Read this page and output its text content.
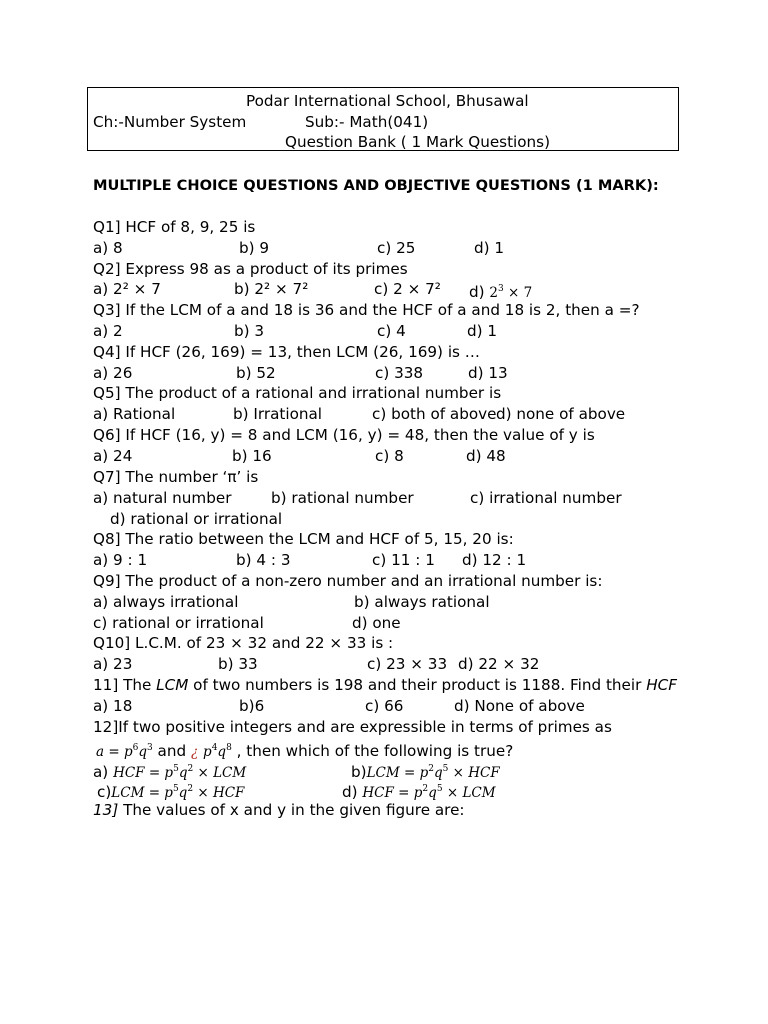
Podar International School, Bhusawal
Ch:-Number System	Sub:- Math(041)
Question Bank ( 1 Mark Questions)
MULTIPLE CHOICE QUESTIONS AND OBJECTIVE QUESTIONS (1 MARK):
Q1] HCF of 8, 9, 25 is
a) 8	b) 9	c) 25	d) 1
Q2] Express 98 as a product of its primes
a) 2² × 7	b) 2² × 7²	c) 2 × 7² d) $2^3 \times 7$
Q3] If the LCM of a and 18 is 36 and the HCF of a and 18 is 2, then a =?
a) 2	b) 3	c) 4	d) 1
Q4] If HCF (26, 169) = 13, then LCM (26, 169) is …
a) 26	b) 52	c) 338	d) 13
Q5] The product of a rational and irrational number is
a) Rational	b) Irrational	c) both of above d) none of above
Q6] If HCF (16, y) = 8 and LCM (16, y) = 48, then the value of y is
a) 24	b) 16	c) 8	d) 48
Q7] The number ‘π’ is
a) natural number	b) rational number	c) irrational number
d) rational or irrational
Q8] The ratio between the LCM and HCF of 5, 15, 20 is:
a) 9 : 1	b) 4 : 3	c) 11 : 1 d) 12 : 1
Q9] The product of a non-zero number and an irrational number is:
a) always irrational	b) always rational
c) rational or irrational	d) one
Q10] L.C.M. of 23 × 32 and 22 × 33 is :
a) 23	b) 33	c) 23 × 33 d) 22 × 32
11] The LCM of two numbers is 198 and their product is 1188. Find their HCF
a) 18	b)6	c) 66	d) None of above
12]If two positive integers and are expressible in terms of primes as
$a = p^6q^3$ and ¿ $p^4q^8$ , then which of the following is true?
a) HCF = $p^5q^2$ × LCM	$b)LCM = p^2q^5$ × HCF
$c)LCM = p^5q^2$ × HCF	d) HCF = $p^2q^5$ × LCM
13] The values of x and y in the given figure are:
